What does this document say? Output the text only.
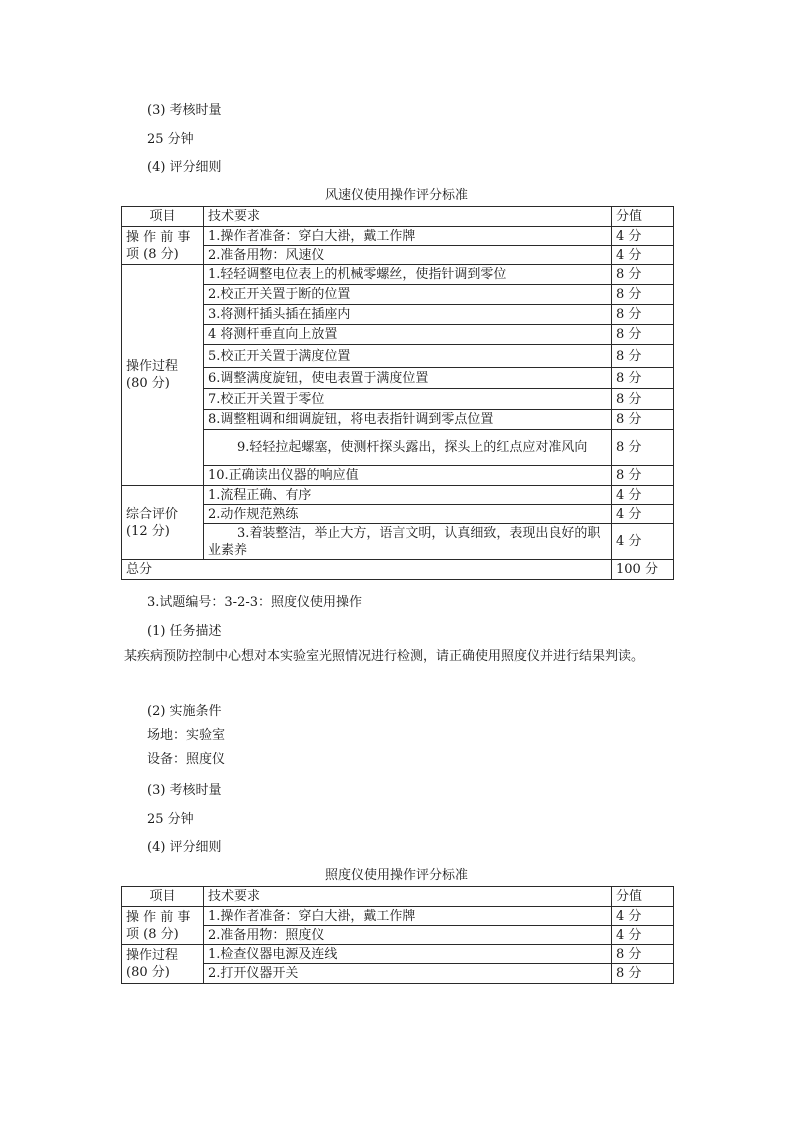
(3) 考核时量
25 分钟
(4) 评分细则
风速仪使用操作评分标准
项目	技术要求	分值
操 作 前 事 项 (8 分)	1.操作者准备：穿白大褂，戴工作牌	4 分
	2.准备用物：风速仪	4 分
操作过程 (80 分)	1.轻轻调整电位表上的机械零螺丝，使指针调到零位	8 分
	2.校正开关置于断的位置	8 分
	3.将测杆插头插在插座内	8 分
	4 将测杆垂直向上放置	8 分
	5.校正开关置于满度位置	8 分
	6.调整满度旋钮，使电表置于满度位置	8 分
	7.校正开关置于零位	8 分
	8.调整粗调和细调旋钮，将电表指针调到零点位置	8 分
	9.轻轻拉起螺塞，使测杆探头露出，探头上的红点应对准风向	8 分
	10.正确读出仪器的响应值	8 分
综合评价 (12 分)	1.流程正确、有序	4 分
	2.动作规范熟练	4 分
	3.着装整洁，举止大方，语言文明，认真细致，表现出良好的职业素养	4 分
总分		100 分
3.试题编号：3-2-3：照度仪使用操作
(1) 任务描述
某疾病预防控制中心想对本实验室光照情况进行检测，请正确使用照度仪并进行结果判读。
(2) 实施条件
场地：实验室
设备：照度仪
(3) 考核时量
25 分钟
(4) 评分细则
照度仪使用操作评分标准
项目	技术要求	分值
操 作 前 事 项 (8 分)	1.操作者准备：穿白大褂，戴工作牌	4 分
	2.准备用物：照度仪	4 分
操作过程 (80 分)	1.检查仪器电源及连线	8 分
	2.打开仪器开关	8 分
